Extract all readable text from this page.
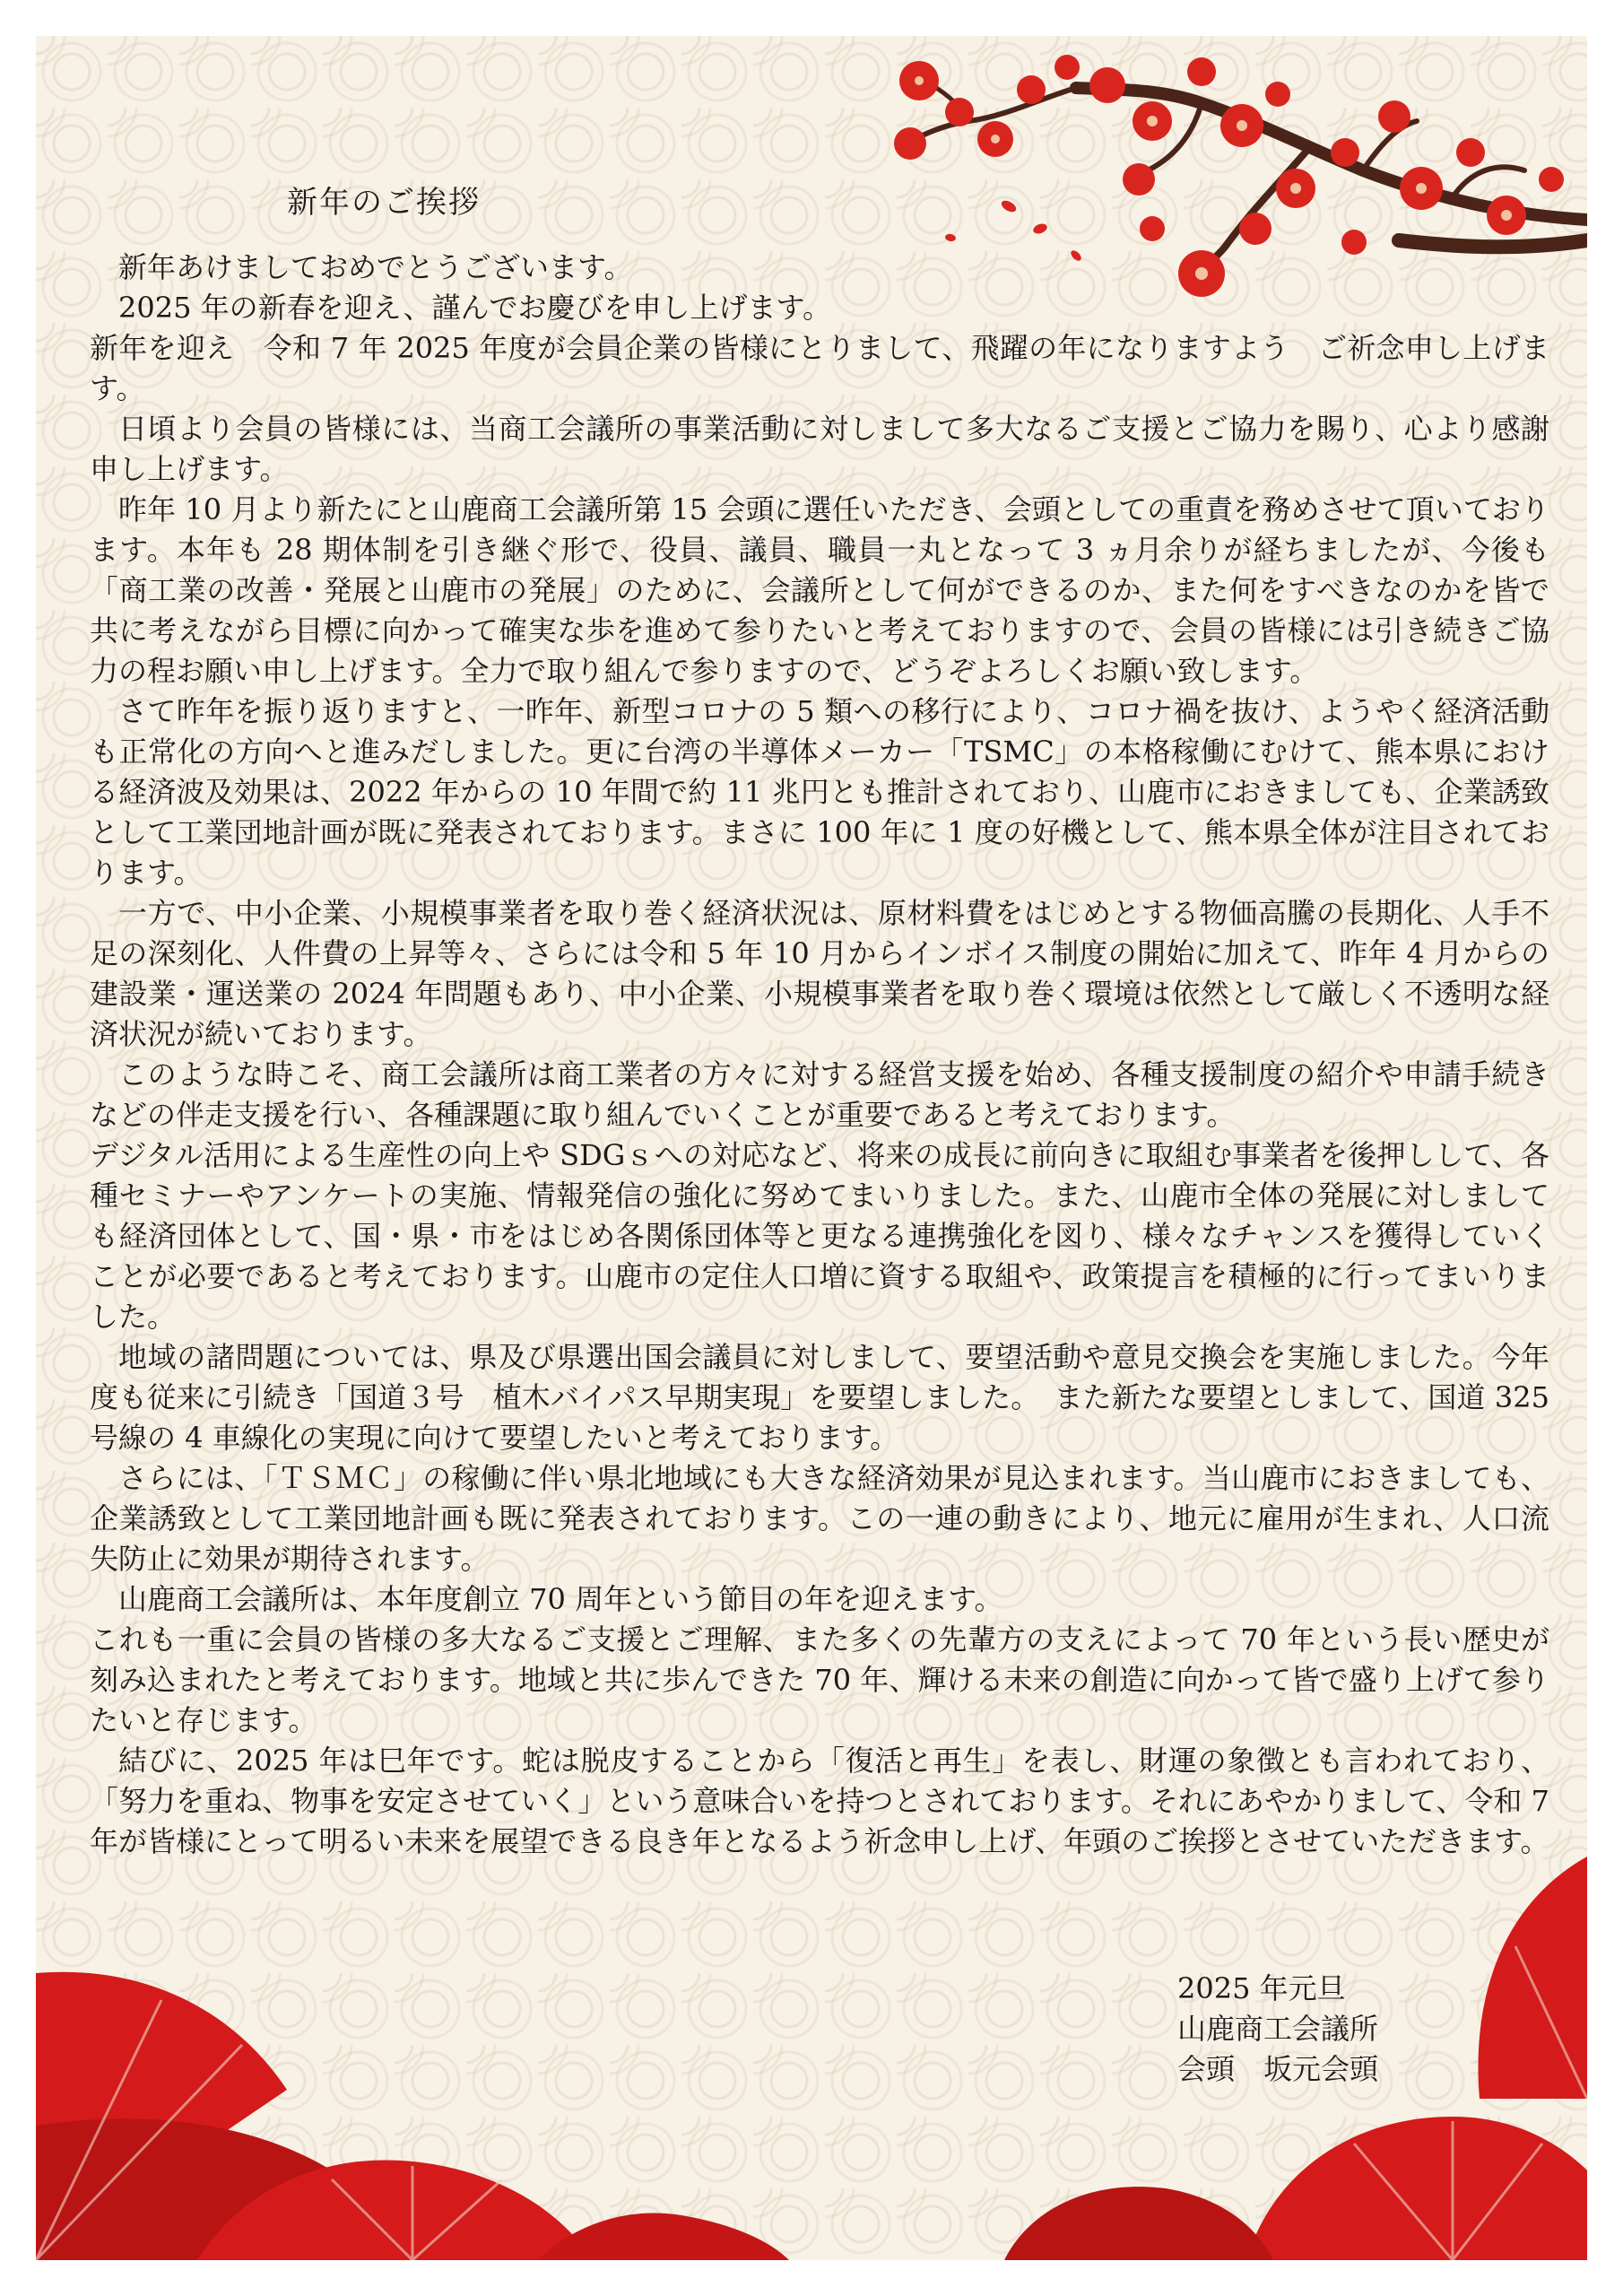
新年のご挨拶

新年あけましておめでとうございます。

2025 年の新春を迎え、謹んでお慶びを申し上げます。

新年を迎え　令和 7 年 2025 年度が会員企業の皆様にとりまして、飛躍の年になりますよう　ご祈念申し上げます。

日頃より会員の皆様には、当商工会議所の事業活動に対しまして多大なるご支援とご協力を賜り、心より感謝申し上げます。

昨年 10 月より新たにと山鹿商工会議所第 15 会頭に選任いただき、会頭としての重責を務めさせて頂いております。本年も 28 期体制を引き継ぐ形で、役員、議員、職員一丸となって 3 ヵ月余りが経ちましたが、今後も「商工業の改善・発展と山鹿市の発展」のために、会議所として何ができるのか、また何をすべきなのかを皆で共に考えながら目標に向かって確実な歩を進めて参りたいと考えておりますので、会員の皆様には引き続きご協力の程お願い申し上げます。全力で取り組んで参りますので、どうぞよろしくお願い致します。

さて昨年を振り返りますと、一昨年、新型コロナの 5 類への移行により、コロナ禍を抜け、ようやく経済活動も正常化の方向へと進みだしました。更に台湾の半導体メーカー「TSMC」の本格稼働にむけて、熊本県における経済波及効果は、2022 年からの 10 年間で約 11 兆円とも推計されており、山鹿市におきましても、企業誘致として工業団地計画が既に発表されております。まさに 100 年に 1 度の好機として、熊本県全体が注目されております。

一方で、中小企業、小規模事業者を取り巻く経済状況は、原材料費をはじめとする物価高騰の長期化、人手不足の深刻化、人件費の上昇等々、さらには令和 5 年 10 月からインボイス制度の開始に加えて、昨年 4 月からの建設業・運送業の 2024 年問題もあり、中小企業、小規模事業者を取り巻く環境は依然として厳しく不透明な経済状況が続いております。

このような時こそ、商工会議所は商工業者の方々に対する経営支援を始め、各種支援制度の紹介や申請手続きなどの伴走支援を行い、各種課題に取り組んでいくことが重要であると考えております。

デジタル活用による生産性の向上や SDGｓへの対応など、将来の成長に前向きに取組む事業者を後押しして、各種セミナーやアンケートの実施、情報発信の強化に努めてまいりました。また、山鹿市全体の発展に対しましても経済団体として、国・県・市をはじめ各関係団体等と更なる連携強化を図り、様々なチャンスを獲得していくことが必要であると考えております。山鹿市の定住人口増に資する取組や、政策提言を積極的に行ってまいりました。

地域の諸問題については、県及び県選出国会議員に対しまして、要望活動や意見交換会を実施しました。今年度も従来に引続き「国道３号　植木バイパス早期実現」を要望しました。　また新たな要望としまして、国道 325 号線の 4 車線化の実現に向けて要望したいと考えております。

さらには、「ＴＳＭＣ」の稼働に伴い県北地域にも大きな経済効果が見込まれます。当山鹿市におきましても、企業誘致として工業団地計画も既に発表されております。この一連の動きにより、地元に雇用が生まれ、人口流失防止に効果が期待されます。

山鹿商工会議所は、本年度創立 70 周年という節目の年を迎えます。

これも一重に会員の皆様の多大なるご支援とご理解、また多くの先輩方の支えによって 70 年という長い歴史が刻み込まれたと考えております。地域と共に歩んできた 70 年、輝ける未来の創造に向かって皆で盛り上げて参りたいと存じます。

結びに、2025 年は巳年です。蛇は脱皮することから「復活と再生」を表し、財運の象徴とも言われており、「努力を重ね、物事を安定させていく」という意味合いを持つとされております。それにあやかりまして、令和 7 年が皆様にとって明るい未来を展望できる良き年となるよう祈念申し上げ、年頭のご挨拶とさせていただきます。

2025 年元旦
山鹿商工会議所
会頭　坂元会頭
